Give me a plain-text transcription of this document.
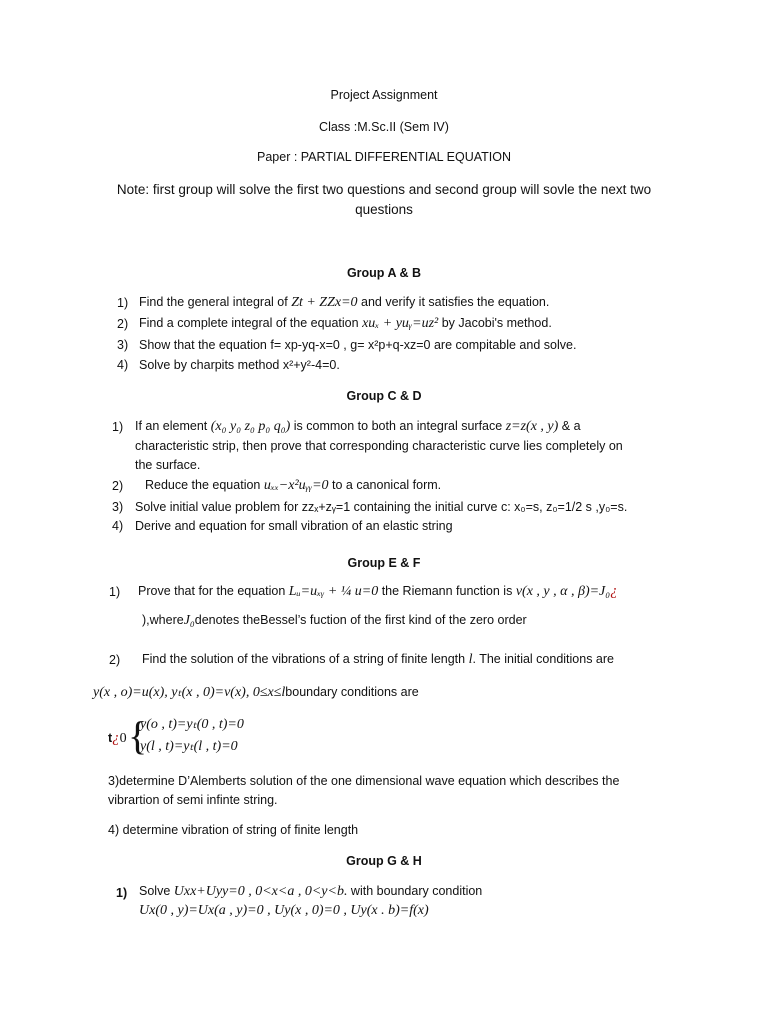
Project Assignment
Class :M.Sc.II (Sem IV)
Paper : PARTIAL DIFFERENTIAL EQUATION
Note: first group will solve the first two questions and second group will sovle the next two
questions
Group A & B
1) Find the general integral of Zt + ZZx=0 and verify it satisfies the equation.
2) Find a complete integral of the equation xuₓ + yuᵧ=uz² by Jacobi's method.
3) Show that the equation f= xp-yq-x=0 , g= x²p+q-xz=0 are compitable and solve.
4) Solve by charpits method x²+y²-4=0.
Group C & D
1) If an element (x₀ y₀ z₀ p₀ q₀) is common to both an integral surface z=z(x , y) & a
characteristic strip, then prove that corresponding characteristic curve lies completely on
the surface.
2) Reduce the equation uₓₓ−x²uᵧᵧ=0 to a canonical form.
3) Solve initial value problem for zzₓ+zᵧ=1 containing the initial curve c: x₀=s, z₀=1/2 s ,y₀=s.
4) Derive and equation for small vibration of an elastic string
Group E & F
1) Prove that for the equation Lᵤ=uₓᵧ + ¼ u=0 the Riemann function is v(x , y , α , β)=J₀¿
),whereJ₀denotes theBessel’s fuction of the first kind of the zero order
2) Find the solution of the vibrations of a string of finite length l. The initial conditions are
y(x , o)=u(x), yₜ(x , 0)=v(x), 0≤x≤lboundary conditions are
t¿0 {
y(o , t)=yₜ(0 , t)=0
y(l , t)=yₜ(l , t)=0
3)determine D’Alemberts solution of the one dimensional wave equation which describes the
vibrartion of semi infinte string.
4) determine vibration of string of finite length
Group G & H
1) Solve Uxx+Uyy=0 , 0<x<a , 0<y<b. with boundary condition
Ux(0 , y)=Ux(a , y)=0 , Uy(x , 0)=0 , Uy(x . b)=f(x)
